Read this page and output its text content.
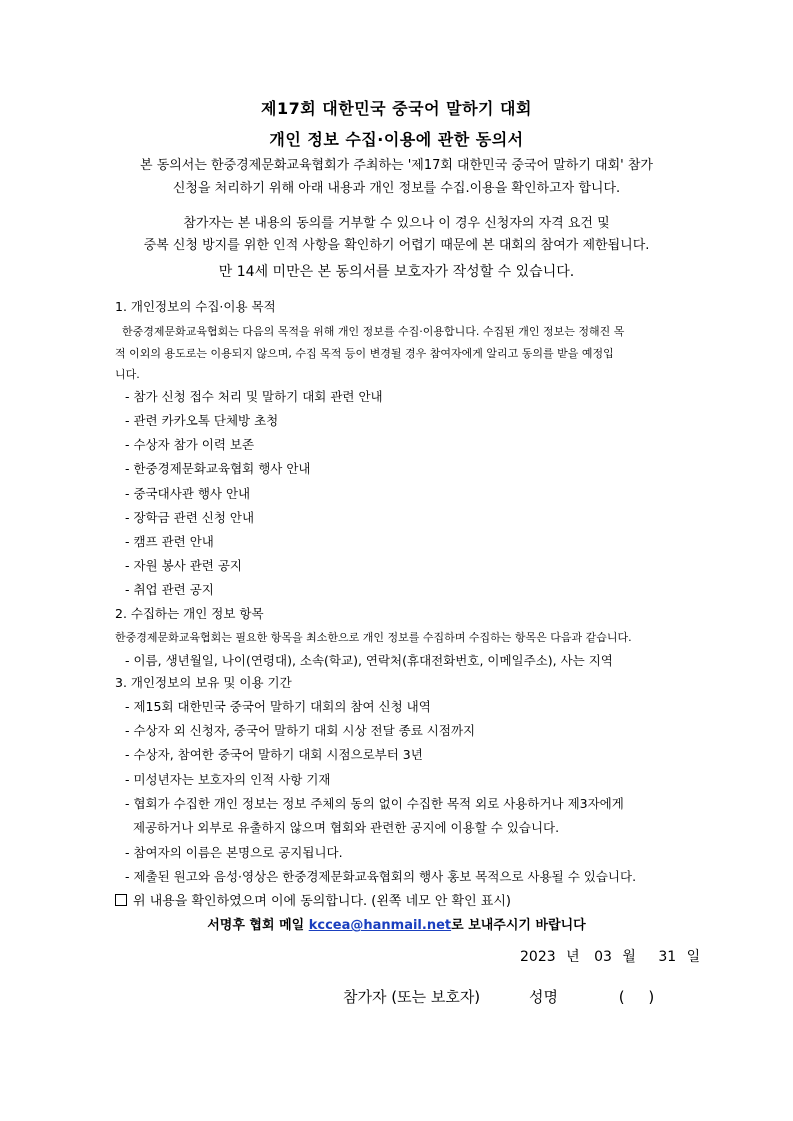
제17회 대한민국 중국어 말하기 대회
개인 정보 수집·이용에 관한 동의서
본 동의서는 한중경제문화교육협회가 주최하는 '제17회 대한민국 중국어 말하기 대회' 참가
신청을 처리하기 위해 아래 내용과 개인 정보를 수집.이용을 확인하고자 합니다.
참가자는 본 내용의 동의를 거부할 수 있으나 이 경우 신청자의 자격 요건 및
중복 신청 방지를 위한 인적 사항을 확인하기 어렵기 때문에 본 대회의 참여가 제한됩니다.
만 14세 미만은 본 동의서를 보호자가 작성할 수 있습니다.
1. 개인정보의 수집·이용 목적
한중경제문화교육협회는 다음의 목적을 위해 개인 정보를 수집·이용합니다. 수집된 개인 정보는 정해진 목
적 이외의 용도로는 이용되지 않으며, 수집 목적 등이 변경될 경우 참여자에게 알리고 동의를 받을 예정입
니다.
- 참가 신청 접수 처리 및 말하기 대회 관련 안내
- 관련 카카오톡 단체방 초청
- 수상자 참가 이력 보존
- 한중경제문화교육협회 행사 안내
- 중국대사관 행사 안내
- 장학금 관련 신청 안내
- 캠프 관련 안내
- 자원 봉사 관련 공지
- 취업 관련 공지
2. 수집하는 개인 정보 항목
한중경제문화교육협회는 필요한 항목을 최소한으로 개인 정보를 수집하며 수집하는 항목은 다음과 같습니다.
- 이름, 생년월일, 나이(연령대), 소속(학교), 연락처(휴대전화번호, 이메일주소), 사는 지역
3. 개인정보의 보유 및 이용 기간
- 제15회 대한민국 중국어 말하기 대회의 참여 신청 내역
- 수상자 외 신청자, 중국어 말하기 대회 시상 전달 종료 시점까지
- 수상자, 참여한 중국어 말하기 대회 시점으로부터 3년
- 미성년자는 보호자의 인적 사항 기재
- 협회가 수집한 개인 정보는 정보 주체의 동의 없이 수집한 목적 외로 사용하거나 제3자에게
제공하거나 외부로 유출하지 않으며 협회와 관련한 공지에 이용할 수 있습니다.
- 참여자의 이름은 본명으로 공지됩니다.
- 제출된 원고와 음성·영상은 한중경제문화교육협회의 행사 홍보 목적으로 사용될 수 있습니다.
위 내용을 확인하였으며 이에 동의합니다. (왼쪽 네모 안 확인 표시)
서명후 협회 메일 kccea@hanmail.net로 보내주시기 바랍니다
2023 년 03 월 31 일
참가자 (또는 보호자)	성명	(     )
